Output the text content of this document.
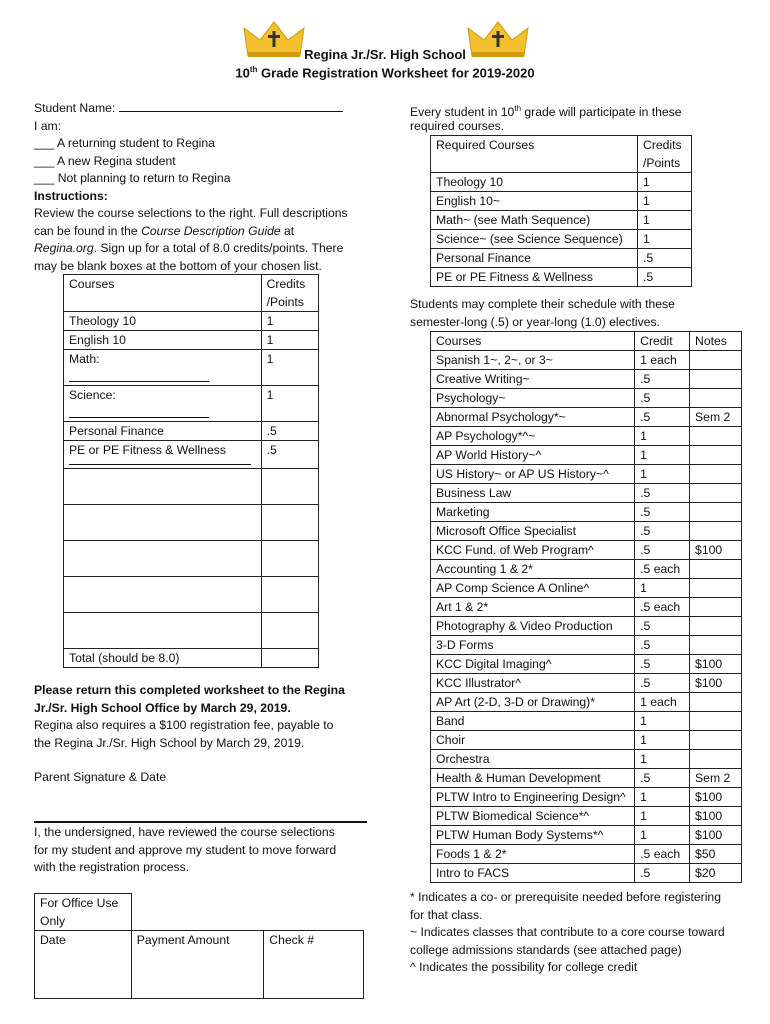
Regina Jr./Sr. High School
10th Grade Registration Worksheet for 2019-2020
Student Name:
I am:
___ A returning student to Regina
___ A new Regina student
___ Not planning to return to Regina
Instructions:
Review the course selections to the right. Full descriptions
can be found in the Course Description Guide at
Regina.org. Sign up for a total of 8.0 credits/points. There
may be blank boxes at the bottom of your chosen list.
Courses	Credits /Points
Theology 10	1
English 10	1
Math:	1
Science:	1
Personal Finance	.5
PE or PE Fitness & Wellness	.5

Total (should be 8.0)	
Please return this completed worksheet to the Regina
Jr./Sr. High School Office by March 29, 2019.
Regina also requires a $100 registration fee, payable to
the Regina Jr./Sr. High School by March 29, 2019.
Parent Signature & Date
I, the undersigned, have reviewed the course selections
for my student and approve my student to move forward
with the registration process.
For Office Use Only		
Date	Payment Amount	Check #
Every student in 10th grade will participate in these
required courses.
Required Courses	Credits /Points
Theology 10	1
English 10~	1
Math~ (see Math Sequence)	1
Science~ (see Science Sequence)	1
Personal Finance	.5
PE or PE Fitness & Wellness	.5
Students may complete their schedule with these
semester-long (.5) or year-long (1.0) electives.
Courses	Credit	Notes
Spanish 1~, 2~, or 3~	1 each	
Creative Writing~	.5	
Psychology~	.5	
Abnormal Psychology*~	.5	Sem 2
AP Psychology*^~	1	
AP World History~^	1	
US History~ or AP US History~^	1	
Business Law	.5	
Marketing	.5	
Microsoft Office Specialist	.5	
KCC Fund. of Web Program^	.5	$100
Accounting 1 & 2*	.5 each	
AP Comp Science A Online^	1	
Art 1 & 2*	.5 each	
Photography & Video Production	.5	
3-D Forms	.5	
KCC Digital Imaging^	.5	$100
KCC Illustrator^	.5	$100
AP Art (2-D, 3-D or Drawing)*	1 each	
Band	1	
Choir	1	
Orchestra	1	
Health & Human Development	.5	Sem 2
PLTW Intro to Engineering Design^	1	$100
PLTW Biomedical Science*^	1	$100
PLTW Human Body Systems*^	1	$100
Foods 1 & 2*	.5 each	$50
Intro to FACS	.5	$20
* Indicates a co- or prerequisite needed before registering
for that class.
~ Indicates classes that contribute to a core course toward
college admissions standards (see attached page)
^ Indicates the possibility for college credit
